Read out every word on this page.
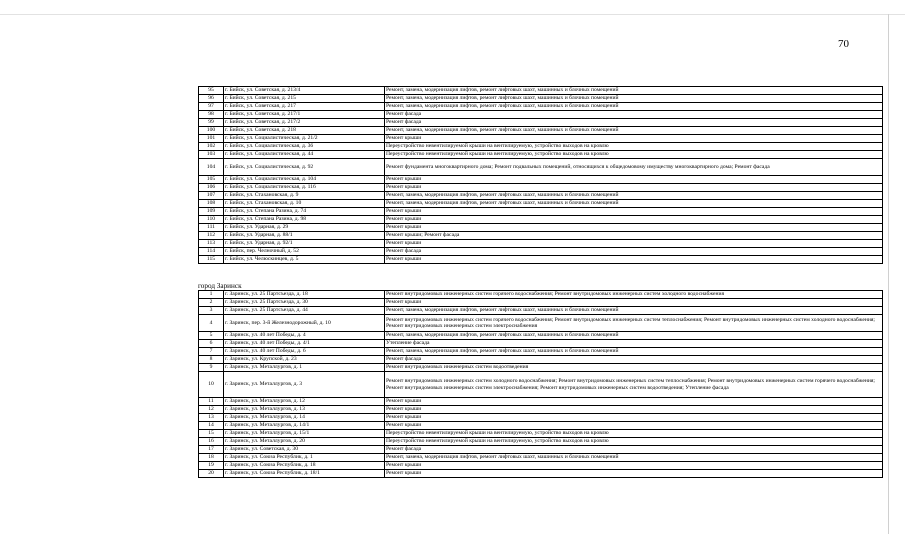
70
95	г. Бийск, ул. Советская, д. 213/4	Ремонт, замена, модернизация лифтов, ремонт лифтовых шахт, машинных и блочных помещений
96	г. Бийск, ул. Советская, д. 215	Ремонт, замена, модернизация лифтов, ремонт лифтовых шахт, машинных и блочных помещений
97	г. Бийск, ул. Советская, д. 217	Ремонт, замена, модернизация лифтов, ремонт лифтовых шахт, машинных и блочных помещений
98	г. Бийск, ул. Советская, д. 217/1	Ремонт фасада
99	г. Бийск, ул. Советская, д. 217/2	Ремонт фасада
100	г. Бийск, ул. Советская, д. 218	Ремонт, замена, модернизация лифтов, ремонт лифтовых шахт, машинных и блочных помещений
101	г. Бийск, ул. Социалистическая, д. 21/2	Ремонт крыши
102	г. Бийск, ул. Социалистическая, д. 36	Переустройство невентилируемой крыши на вентилируемую, устройство выходов на кровлю
103	г. Бийск, ул. Социалистическая, д. 44	Переустройство невентилируемой крыши на вентилируемую, устройство выходов на кровлю
104	г. Бийск, ул. Социалистическая, д. 92	Ремонт фундамента многоквартирного дома; Ремонт подвальных помещений, относящихся к общедомовому имуществу многоквартирного дома; Ремонт фасада
105	г. Бийск, ул. Социалистическая, д. 104	Ремонт крыши
106	г. Бийск, ул. Социалистическая, д. 116	Ремонт крыши
107	г. Бийск, ул. Стахановская, д. 9	Ремонт, замена, модернизация лифтов, ремонт лифтовых шахт, машинных и блочных помещений
108	г. Бийск, ул. Стахановская, д. 10	Ремонт, замена, модернизация лифтов, ремонт лифтовых шахт, машинных и блочных помещений
109	г. Бийск, ул. Степана Разина, д. 74	Ремонт крыши
110	г. Бийск, ул. Степана Разина, д. 98	Ремонт крыши
111	г. Бийск, ул. Ударная, д. 29	Ремонт крыши
112	г. Бийск, ул. Ударная, д. 88/1	Ремонт крыши; Ремонт фасада
113	г. Бийск, ул. Ударная, д. 92/1	Ремонт крыши
114	г. Бийск, пер. Челночный, д. 52	Ремонт фасада
115	г. Бийск, ул. Челюскинцев, д. 5	Ремонт крыши
город Заринск
1	г. Заринск, ул. 25 Партсъезда, д. 18	Ремонт внутридомовых инженерных систем горячего водоснабжения; Ремонт внутридомовых инженерных систем холодного водоснабжения
2	г. Заринск, ул. 25 Партсъезда, д. 30	Ремонт крыши
3	г. Заринск, ул. 25 Партсъезда, д. 44	Ремонт, замена, модернизация лифтов, ремонт лифтовых шахт, машинных и блочных помещений
4	г. Заринск, пер. 3-й Железнодорожный, д. 10	Ремонт внутридомовых инженерных систем горячего водоснабжения; Ремонт внутридомовых инженерных систем теплоснабжения; Ремонт внутридомовых инженерных систем холодного водоснабжения; Ремонт внутридомовых инженерных систем электроснабжения
5	г. Заринск, ул. 40 лет Победы, д. 4	Ремонт, замена, модернизация лифтов, ремонт лифтовых шахт, машинных и блочных помещений
6	г. Заринск, ул. 40 лет Победы, д. 4/1	Утепление фасада
7	г. Заринск, ул. 40 лет Победы, д. 6	Ремонт, замена, модернизация лифтов, ремонт лифтовых шахт, машинных и блочных помещений
8	г. Заринск, ул. Крупской, д. 23	Ремонт фасада
9	г. Заринск, ул. Металлургов, д. 1	Ремонт внутридомовых инженерных систем водоотведения
10	г. Заринск, ул. Металлургов, д. 3	Ремонт внутридомовых инженерных систем холодного водоснабжения; Ремонт внутридомовых инженерных систем теплоснабжения; Ремонт внутридомовых инженерных систем горячего водоснабжения; Ремонт внутридомовых инженерных систем электроснабжения; Ремонт внутридомовых инженерных систем водоотведения; Утепление фасада
11	г. Заринск, ул. Металлургов, д. 12	Ремонт крыши
12	г. Заринск, ул. Металлургов, д. 13	Ремонт крыши
13	г. Заринск, ул. Металлургов, д. 14	Ремонт крыши
14	г. Заринск, ул. Металлургов, д. 14/1	Ремонт крыши
15	г. Заринск, ул. Металлургов, д. 15/1	Переустройство невентилируемой крыши на вентилируемую, устройство выходов на кровлю
16	г. Заринск, ул. Металлургов, д. 20	Переустройство невентилируемой крыши на вентилируемую, устройство выходов на кровлю
17	г. Заринск, ул. Советская, д. 30	Ремонт фасада
18	г. Заринск, ул. Союза Республик, д. 1	Ремонт, замена, модернизация лифтов, ремонт лифтовых шахт, машинных и блочных помещений
19	г. Заринск, ул. Союза Республик, д. 18	Ремонт крыши
20	г. Заринск, ул. Союза Республик, д. 18/1	Ремонт крыши
